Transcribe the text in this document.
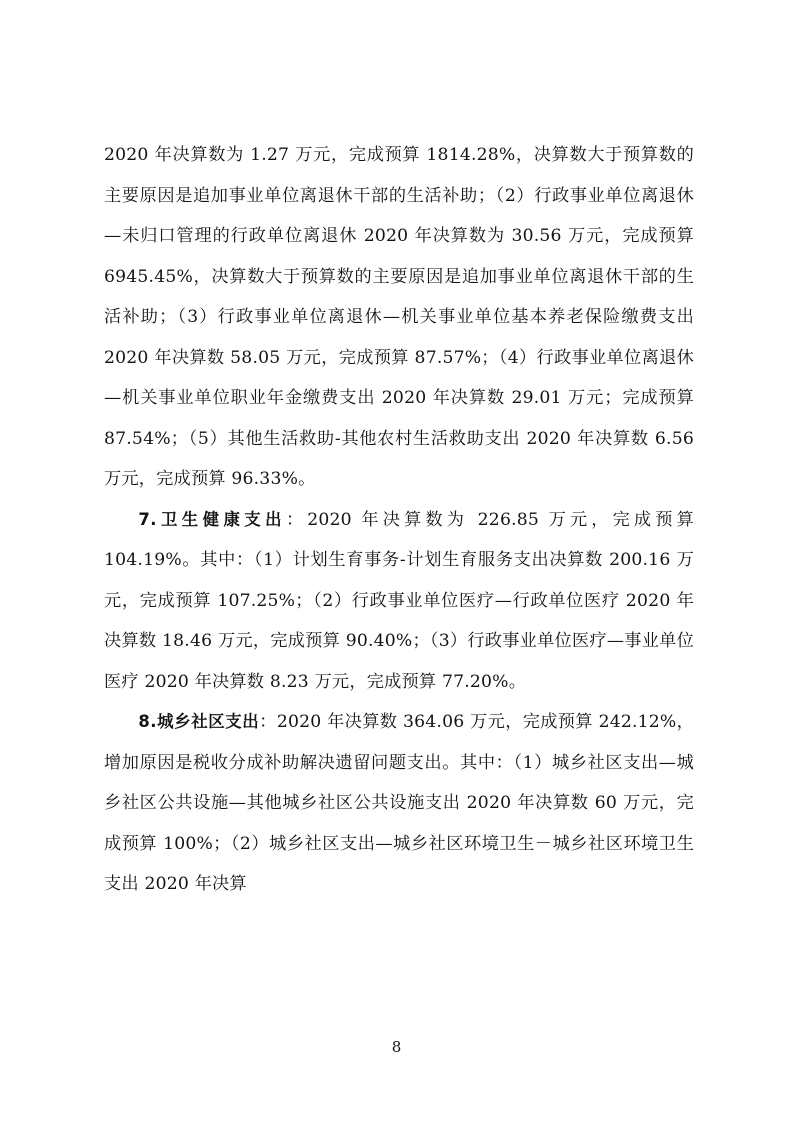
2020 年决算数为 1.27 万元，完成预算 1814.28%，决算数大于预算数的主要原因是追加事业单位离退休干部的生活补助；（2）行政事业单位离退休—未归口管理的行政单位离退休 2020 年决算数为 30.56 万元，完成预算 6945.45%，决算数大于预算数的主要原因是追加事业单位离退休干部的生活补助；（3）行政事业单位离退休—机关事业单位基本养老保险缴费支出 2020 年决算数 58.05 万元，完成预算 87.57%；（4）行政事业单位离退休—机关事业单位职业年金缴费支出 2020 年决算数 29.01 万元；完成预算 87.54%；（5）其他生活救助-其他农村生活救助支出 2020 年决算数 6.56 万元，完成预算 96.33%。

7.卫生健康支出：2020 年决算数为 226.85 万元，完成预算 104.19%。其中：（1）计划生育事务-计划生育服务支出决算数 200.16 万元，完成预算 107.25%；（2）行政事业单位医疗—行政单位医疗 2020 年决算数 18.46 万元，完成预算 90.40%；（3）行政事业单位医疗—事业单位医疗 2020 年决算数 8.23 万元，完成预算 77.20%。

8.城乡社区支出：2020 年决算数 364.06 万元，完成预算 242.12%，增加原因是税收分成补助解决遗留问题支出。其中：（1）城乡社区支出—城乡社区公共设施—其他城乡社区公共设施支出 2020 年决算数 60 万元，完成预算 100%；（2）城乡社区支出—城乡社区环境卫生－城乡社区环境卫生支出 2020 年决算

8
